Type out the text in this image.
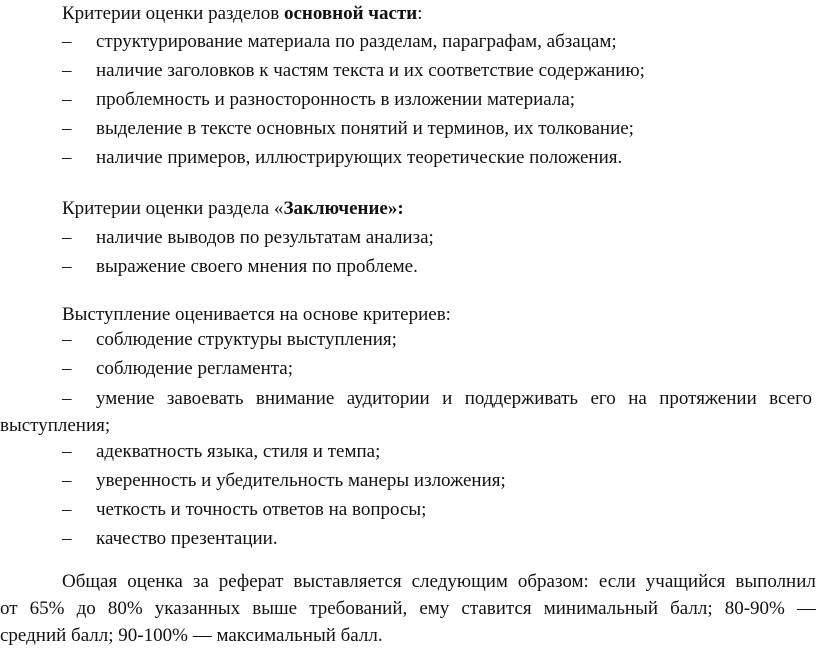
Критерии оценки разделов основной части:

– структурирование материала по разделам, параграфам, абзацам;
– наличие заголовков к частям текста и их соответствие содержанию;
– проблемность и разносторонность в изложении материала;
– выделение в тексте основных понятий и терминов, их толкование;
– наличие примеров, иллюстрирующих теоретические положения.

Критерии оценки раздела «Заключение»:

– наличие выводов по результатам анализа;
– выражение своего мнения по проблеме.

Выступление оценивается на основе критериев:

– соблюдение структуры выступления;
– соблюдение регламента;
– умение завоевать внимание аудитории и поддерживать его на протяжении всего
выступления;
– адекватность языка, стиля и темпа;
– уверенность и убедительность манеры изложения;
– четкость и точность ответов на вопросы;
– качество презентации.
Общая оценка за реферат выставляется следующим образом: если учащийся выполнил
от 65% до 80% указанных выше требований, ему ставится минимальный балл; 80-90% —
средний балл; 90-100% — максимальный балл.
